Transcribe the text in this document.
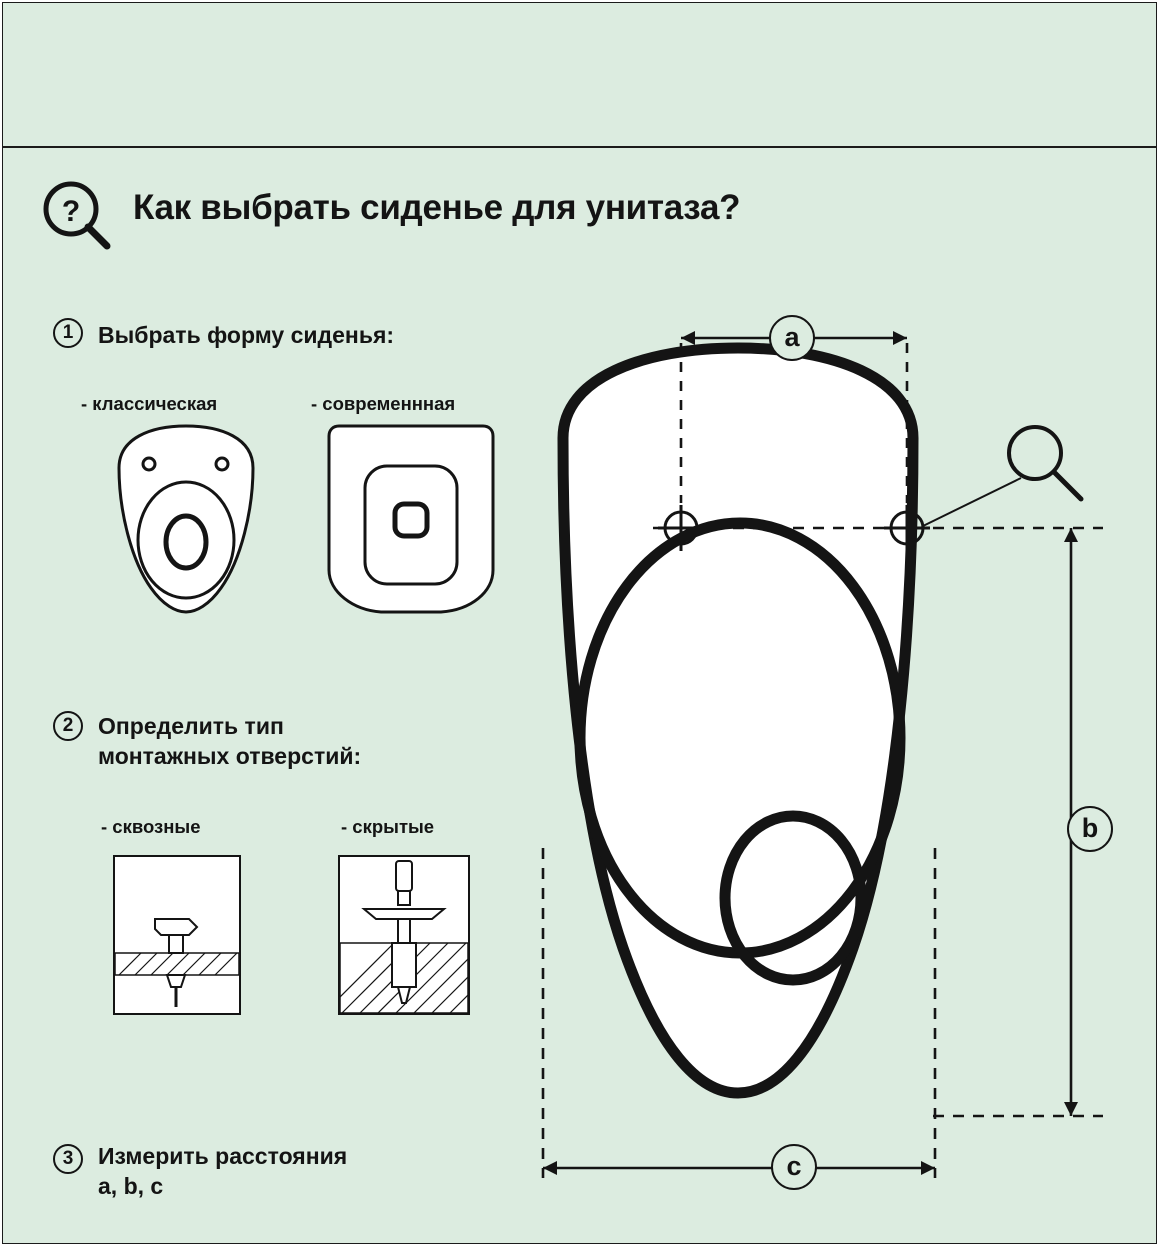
? Как выбрать сиденье для унитаза?
1	Выбрать форму сиденья:
- классическая	- современнная
2	Определить тип
монтажных отверстий:
- сквозные	- скрытые
3	Измерить расстояния
a, b, c
a
b
c
